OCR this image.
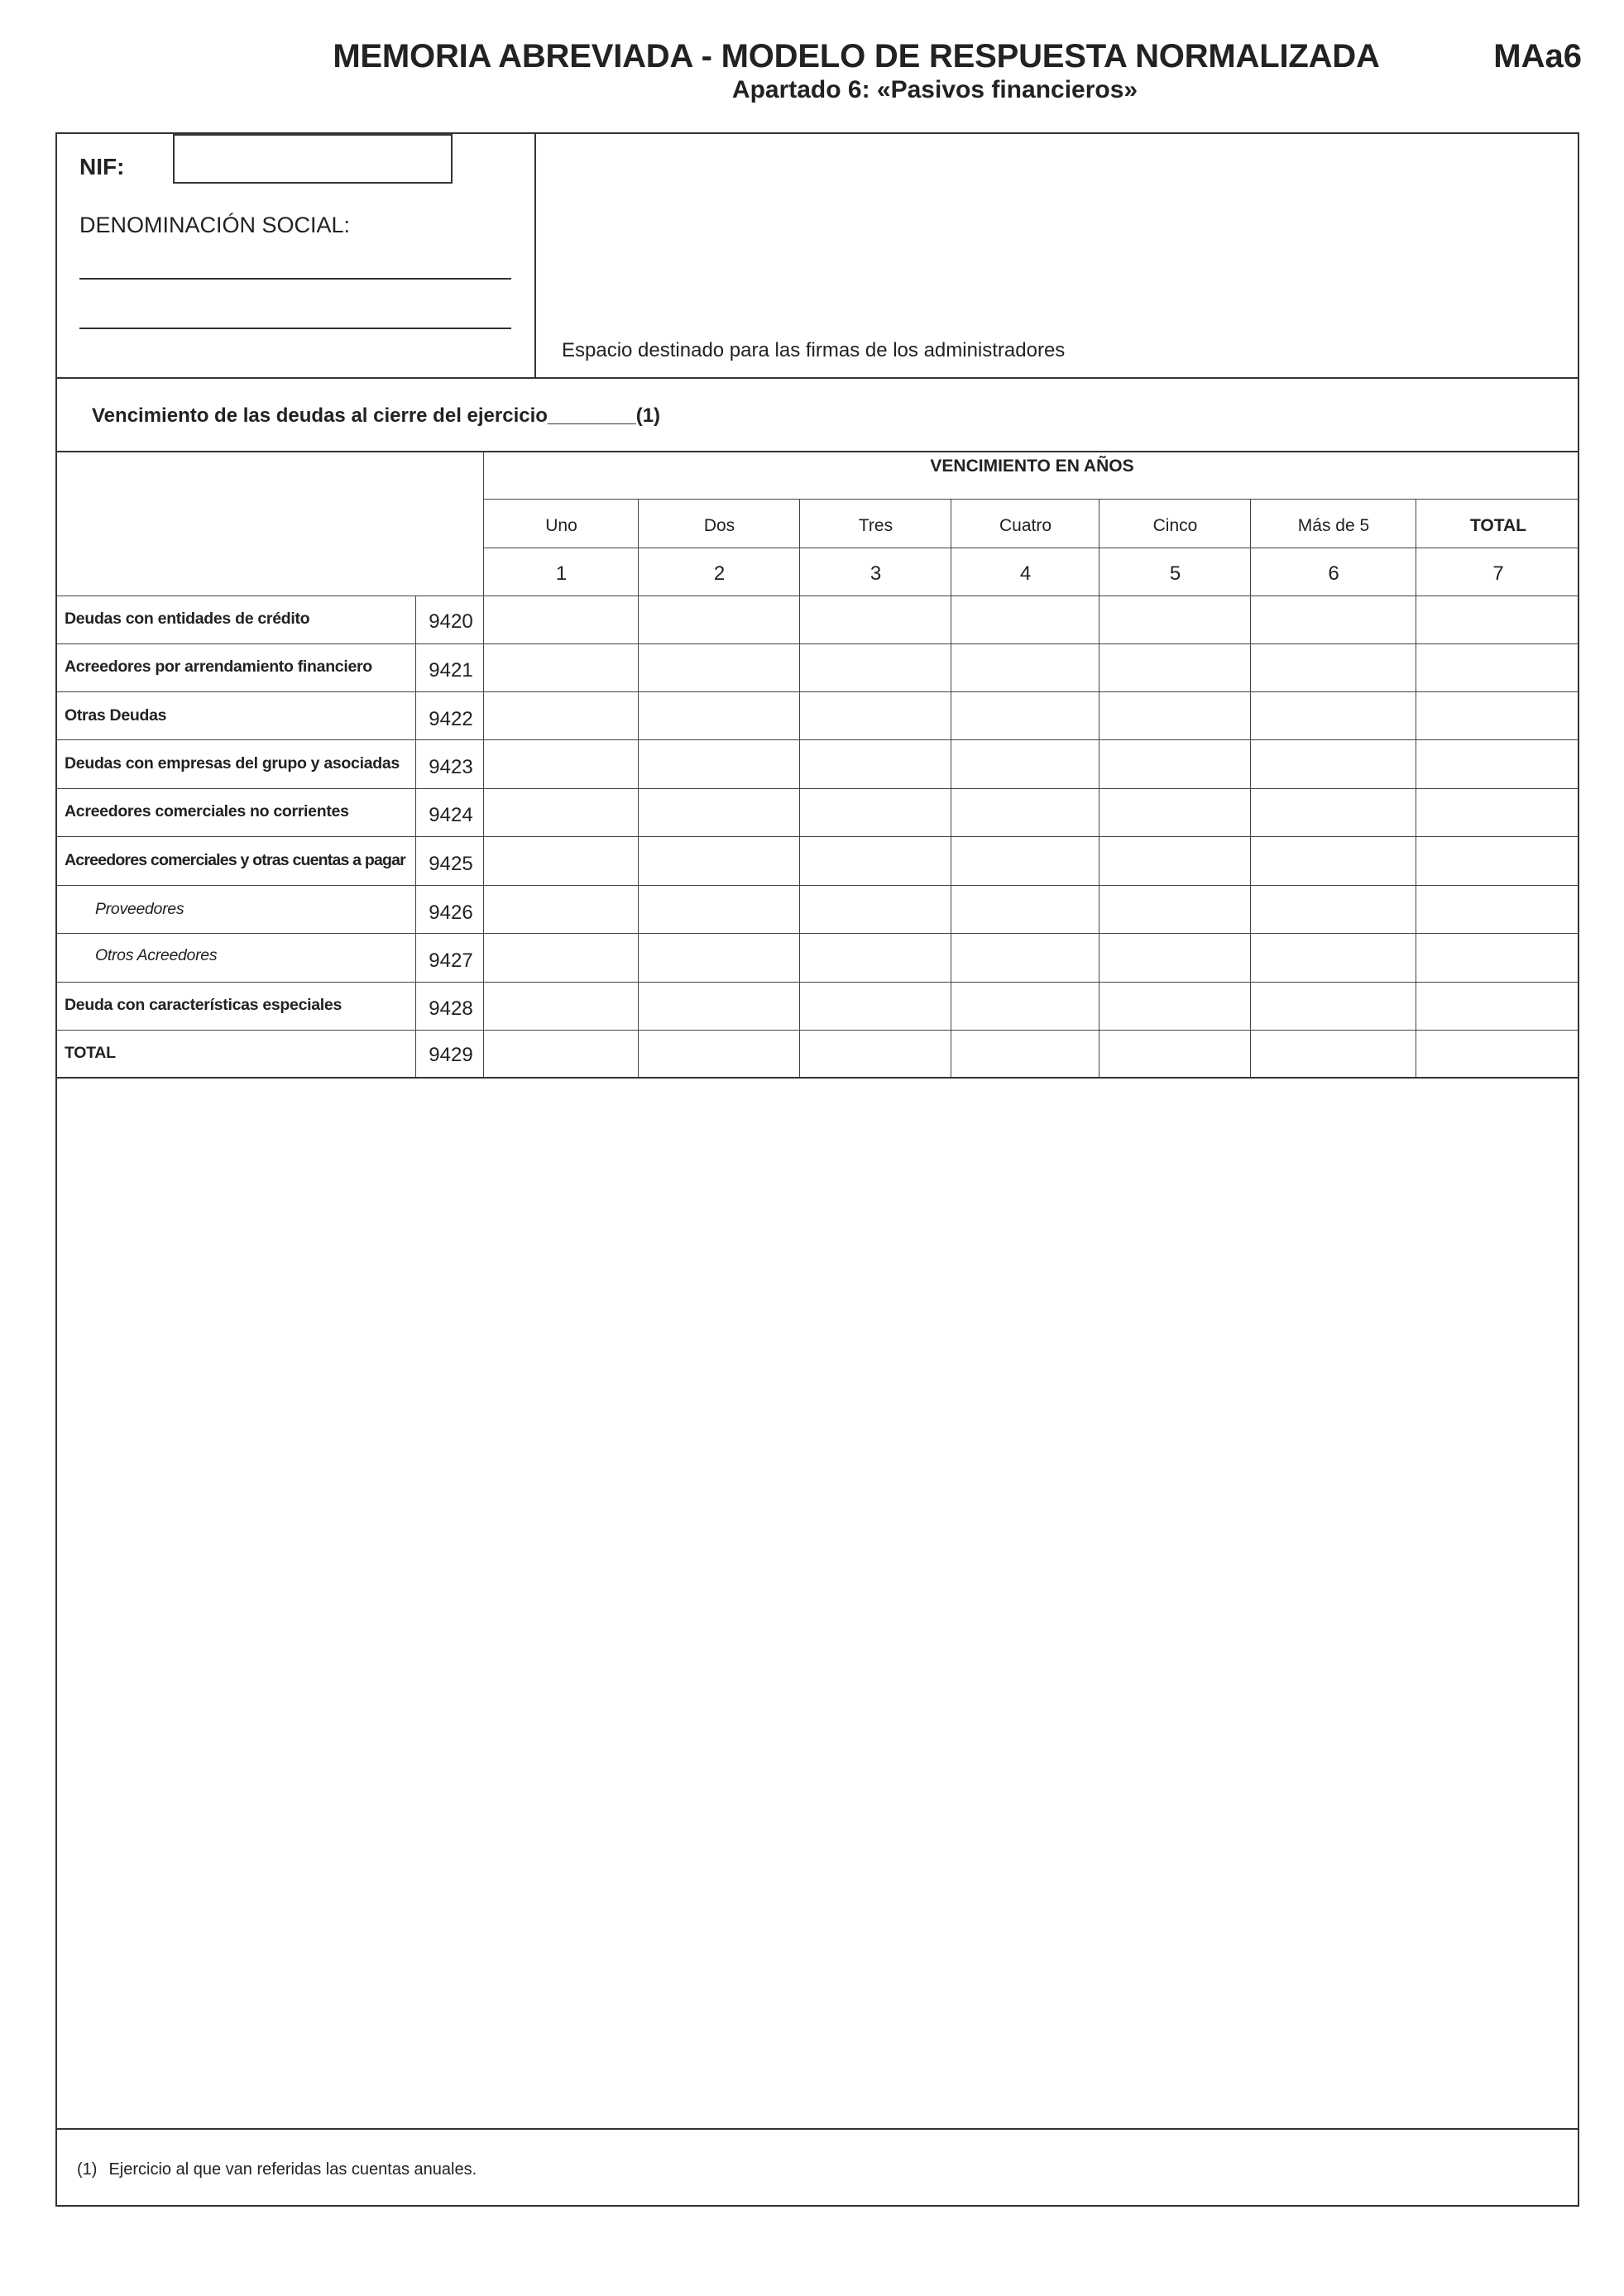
MEMORIA ABREVIADA - MODELO DE RESPUESTA NORMALIZADA
Apartado 6: «Pasivos financieros»
MAa6
NIF:
DENOMINACIÓN SOCIAL:
Espacio destinado para las firmas de los administradores
Vencimiento de las deudas al cierre del ejercicio________(1)
VENCIMIENTO EN AÑOS
Uno	Dos	Tres	Cuatro	Cinco	Más de 5	TOTAL
1	2	3	4	5	6	7
Deudas con entidades de crédito	9420
Acreedores por arrendamiento financiero	9421
Otras Deudas	9422
Deudas con empresas del grupo y asociadas	9423
Acreedores comerciales no corrientes	9424
Acreedores comerciales y otras cuentas a pagar	9425
Proveedores	9426
Otros Acreedores	9427
Deuda con características especiales	9428
TOTAL	9429
(1) Ejercicio al que van referidas las cuentas anuales.
